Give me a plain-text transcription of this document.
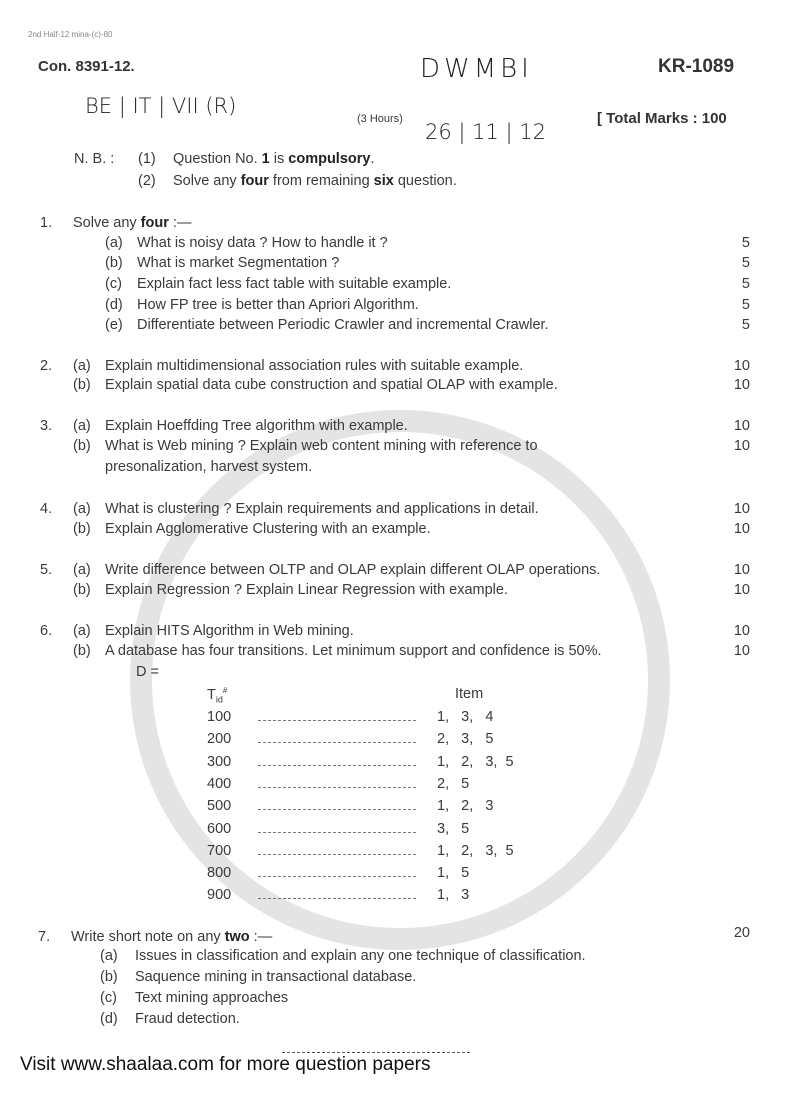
2nd Half-12 mina-(c)-80
Con. 8391-12.	DWMBI	KR-1089
BE | IT | VII (R)
(3 Hours)
26 | 11 | 12
[ Total Marks : 100
N. B. : (1) Question No. 1 is compulsory.
(2) Solve any four from remaining six question.
1. Solve any four :—
(a) What is noisy data ? How to handle it ?	5
(b) What is market Segmentation ?	5
(c) Explain fact less fact table with suitable example.	5
(d) How FP tree is better than Apriori Algorithm.	5
(e) Differentiate between Periodic Crawler and incremental Crawler.	5
2. (a) Explain multidimensional association rules with suitable example.	10
(b) Explain spatial data cube construction and spatial OLAP with example.	10
3. (a) Explain Hoeffding Tree algorithm with example.	10
(b) What is Web mining ? Explain web content mining with reference to	10
presonalization, harvest system.
4. (a) What is clustering ? Explain requirements and applications in detail.	10
(b) Explain Agglomerative Clustering with an example.	10
5. (a) Write difference between OLTP and OLAP explain different OLAP operations.	10
(b) Explain Regression ? Explain Linear Regression with example.	10
6. (a) Explain HITS Algorithm in Web mining.	10
(b) A database has four transitions. Let minimum support and confidence is 50%.	10
D =
$T_{id}^{\#}$	Item
100	1,   3,   4
200	2,   3,   5
300	1,   2,   3,  5
400	2,   5
500	1,   2,   3
600	3,   5
700	1,   2,   3,  5
800	1,   5
900	1,   3
7. Write short note on any two :—	20
(a) Issues in classification and explain any one technique of classification.
(b) Saquence mining in transactional database.
(c) Text mining approaches
(d) Fraud detection.
Visit www.shaalaa.com for more question papers
